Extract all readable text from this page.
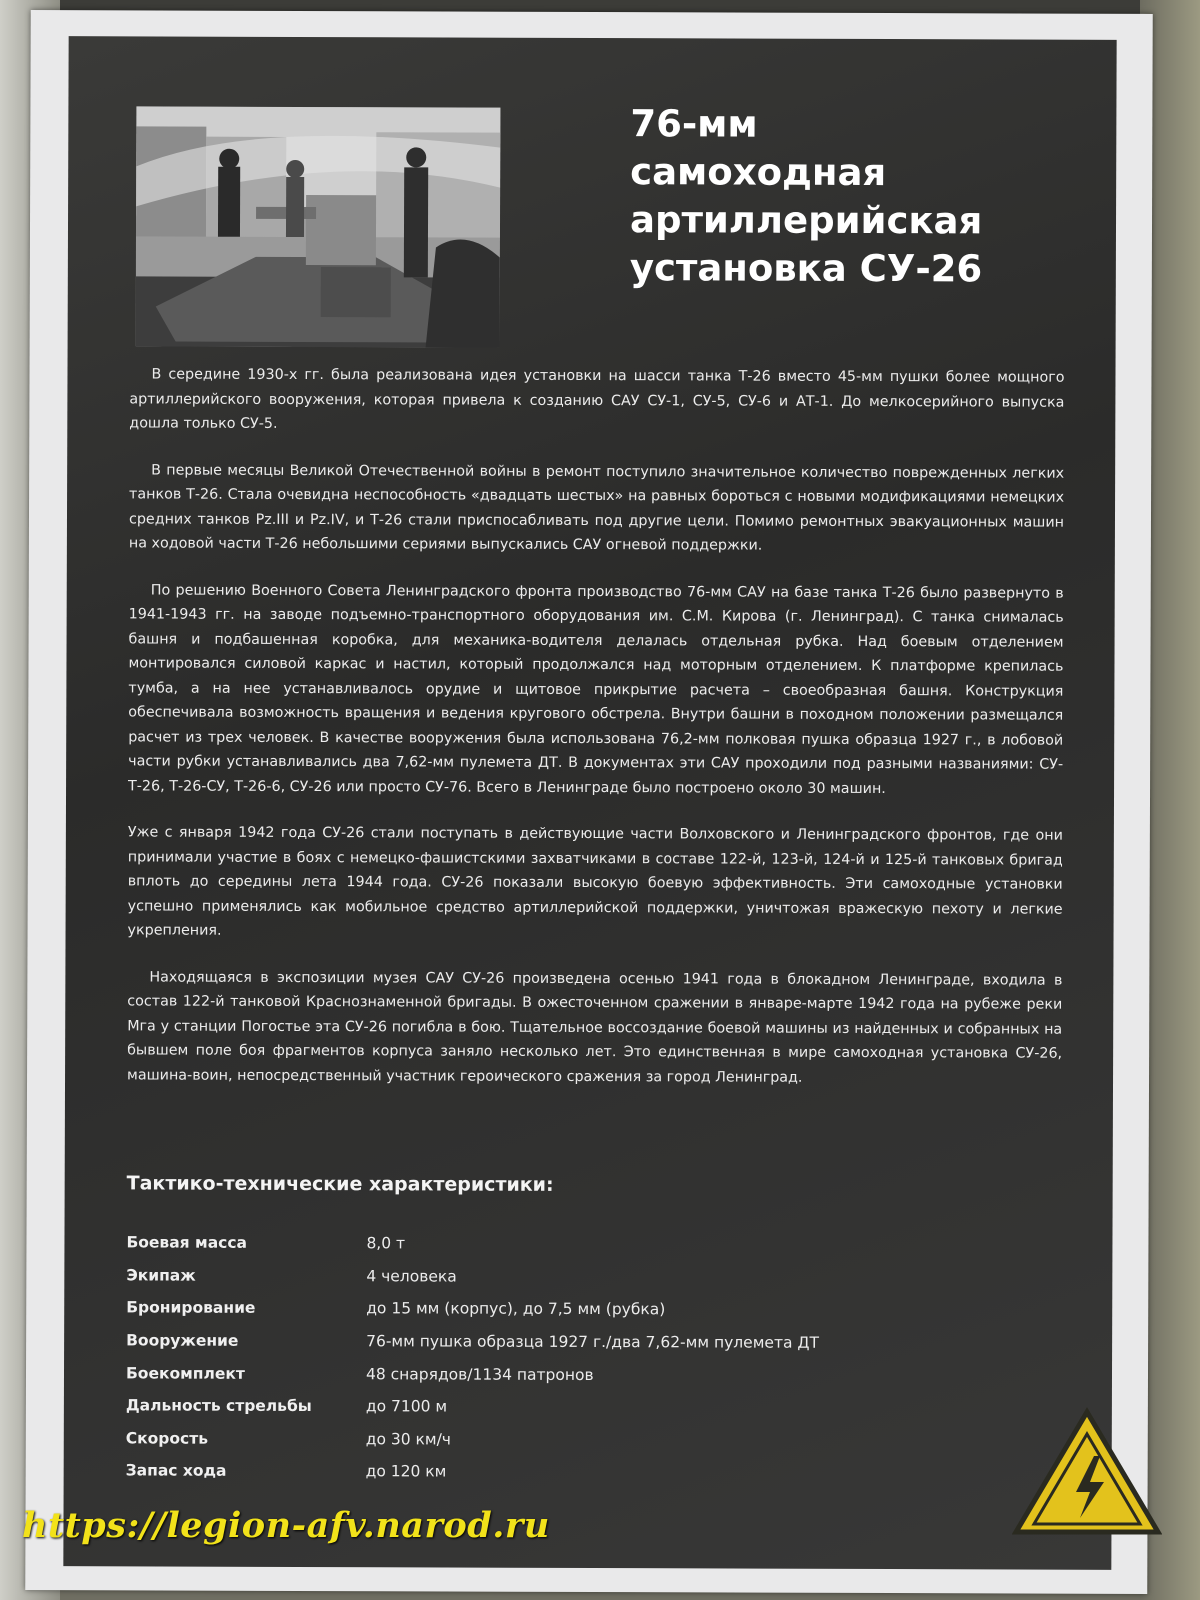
76-мм
самоходная
артиллерийская
установка СУ-26

В середине 1930-х гг. была реализована идея установки на шасси танка Т-26 вместо 45-мм пушки более мощного артиллерийского вооружения, которая привела к созданию САУ СУ-1, СУ-5, СУ-6 и АТ-1. До мелкосерийного выпуска дошла только СУ-5.

В первые месяцы Великой Отечественной войны в ремонт поступило значительное количество поврежденных легких танков Т-26. Стала очевидна неспособность «двадцать шестых» на равных бороться с новыми модификациями немецких средних танков Pz.III и Pz.IV, и Т-26 стали приспосабливать под другие цели. Помимо ремонтных эвакуационных машин на ходовой части Т-26 небольшими сериями выпускались САУ огневой поддержки.

По решению Военного Совета Ленинградского фронта производство 76-мм САУ на базе танка Т-26 было развернуто в 1941-1943 гг. на заводе подъемно-транспортного оборудования им. С.М. Кирова (г. Ленинград). С танка снималась башня и подбашенная коробка, для механика-водителя делалась отдельная рубка. Над боевым отделением монтировался силовой каркас и настил, который продолжался над моторным отделением. К платформе крепилась тумба, а на нее устанавливалось орудие и щитовое прикрытие расчета – своеобразная башня. Конструкция обеспечивала возможность вращения и ведения кругового обстрела. Внутри башни в походном положении размещался расчет из трех человек. В качестве вооружения была использована 76,2-мм полковая пушка образца 1927 г., в лобовой части рубки устанавливались два 7,62-мм пулемета ДТ. В документах эти САУ проходили под разными названиями: СУ-Т-26, Т-26-СУ, Т-26-6, СУ-26 или просто СУ-76. Всего в Ленинграде было построено около 30 машин.

Уже с января 1942 года СУ-26 стали поступать в действующие части Волховского и Ленинградского фронтов, где они принимали участие в боях с немецко-фашистскими захватчиками в составе 122-й, 123-й, 124-й и 125-й танковых бригад вплоть до середины лета 1944 года. СУ-26 показали высокую боевую эффективность. Эти самоходные установки успешно применялись как мобильное средство артиллерийской поддержки, уничтожая вражескую пехоту и легкие укрепления.

Находящаяся в экспозиции музея САУ СУ-26 произведена осенью 1941 года в блокадном Ленинграде, входила в состав 122-й танковой Краснознаменной бригады. В ожесточенном сражении в январе-марте 1942 года на рубеже реки Мга у станции Погостье эта СУ-26 погибла в бою. Тщательное воссоздание боевой машины из найденных и собранных на бывшем поле боя фрагментов корпуса заняло несколько лет. Это единственная в мире самоходная установка СУ-26, машина-воин, непосредственный участник героического сражения за город Ленинград.

Тактико-технические характеристики:
Боевая масса	8,0 т
Экипаж	4 человека
Бронирование	до 15 мм (корпус), до 7,5 мм (рубка)
Вооружение	76-мм пушка образца 1927 г./два 7,62-мм пулемета ДТ
Боекомплект	48 снарядов/1134 патронов
Дальность стрельбы	до 7100 м
Скорость	до 30 км/ч
Запас хода	до 120 км
https://legion-afv.narod.ru
